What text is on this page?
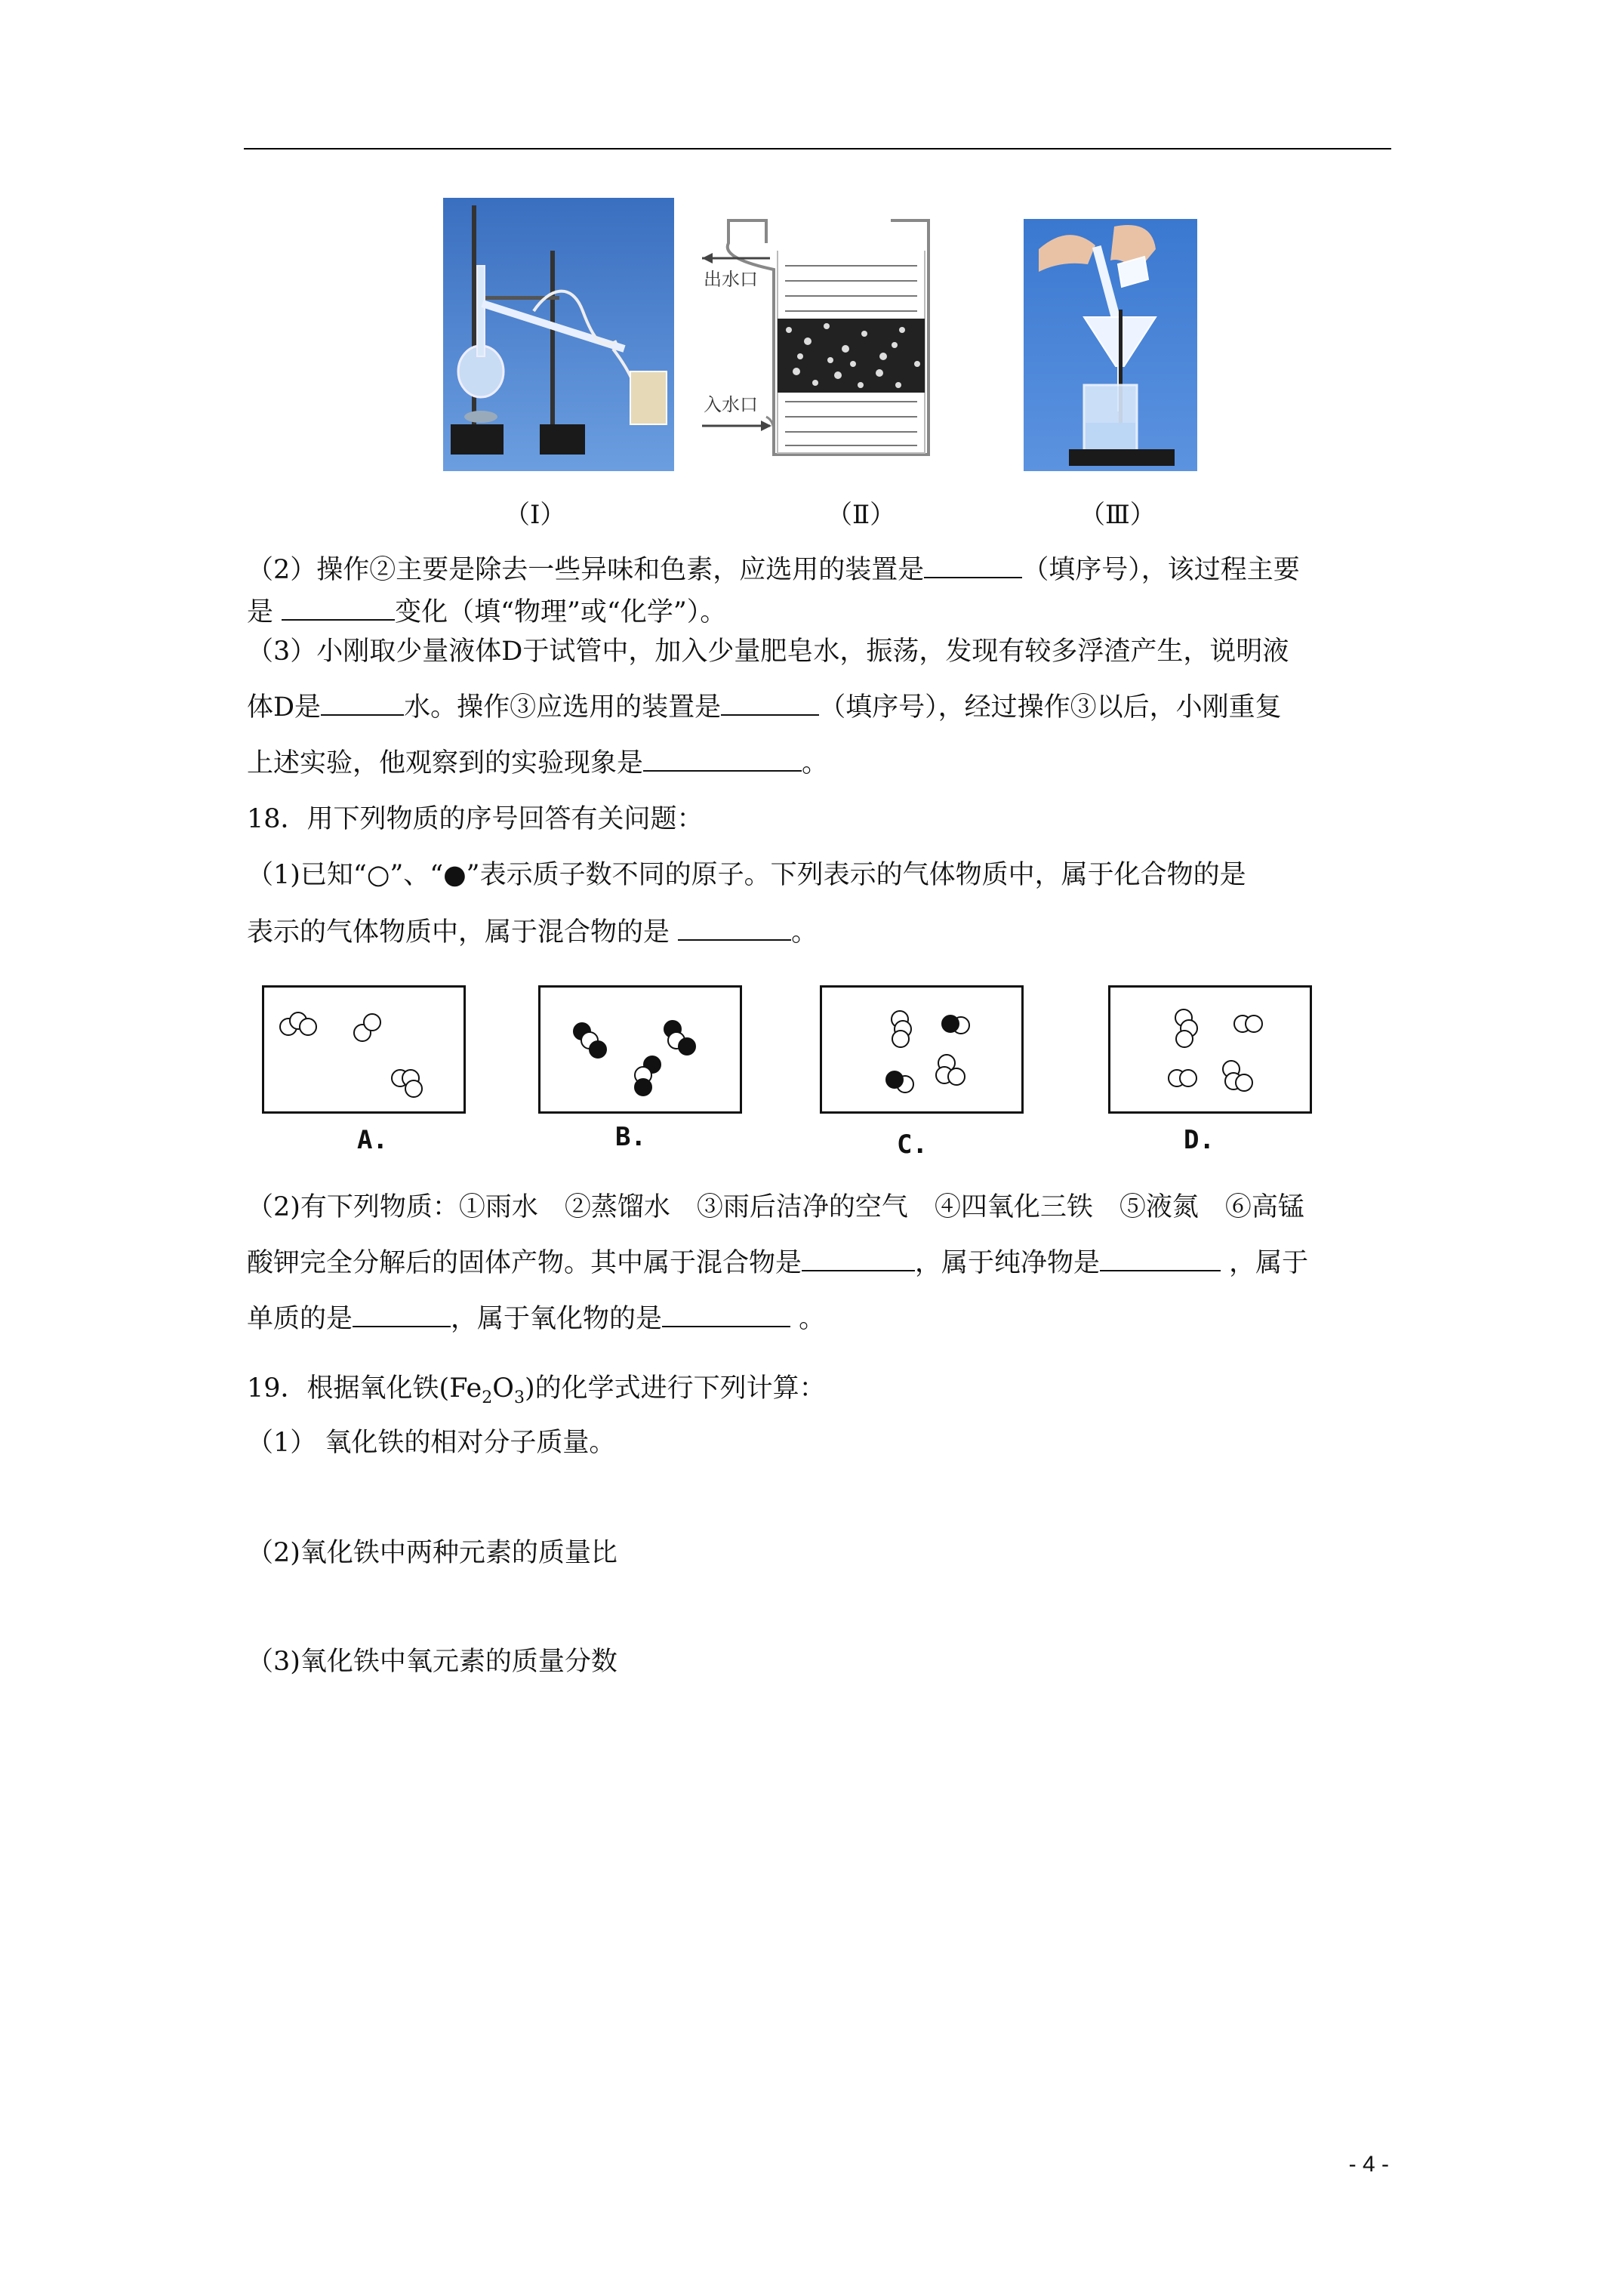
（Ⅰ）
出水口
入水口
（Ⅱ）	（Ⅲ）
（2）操作②主要是除去一些异味和色素，应选用的装置是	（填序号），该过程主要
是	变化（填“物理”或“化学”）。
（3）小刚取少量液体D于试管中，加入少量肥皂水，振荡，发现有较多浮渣产生，说明液
体D是	水。操作③应选用的装置是	（填序号），经过操作③以后，小刚重复
上述实验，他观察到的实验现象是	。
18．用下列物质的序号回答有关问题：
（1)已知“○”、“●”表示质子数不同的原子。下列表示的气体物质中，属于化合物的是
表示的气体物质中，属于混合物的是	。
A.	B.	C.	D.
（2)有下列物质：①雨水　②蒸馏水　③雨后洁净的空气　④四氧化三铁　⑤液氮　⑥高锰
酸钾完全分解后的固体产物。其中属于混合物是	，属于纯净物是	，属于
单质的是	，属于氧化物的是	。
19．根据氧化铁$(Fe_2O_3)$的化学式进行下列计算：
（1） 氧化铁的相对分子质量。
（2)氧化铁中两种元素的质量比
（3)氧化铁中氧元素的质量分数
- 4 -
